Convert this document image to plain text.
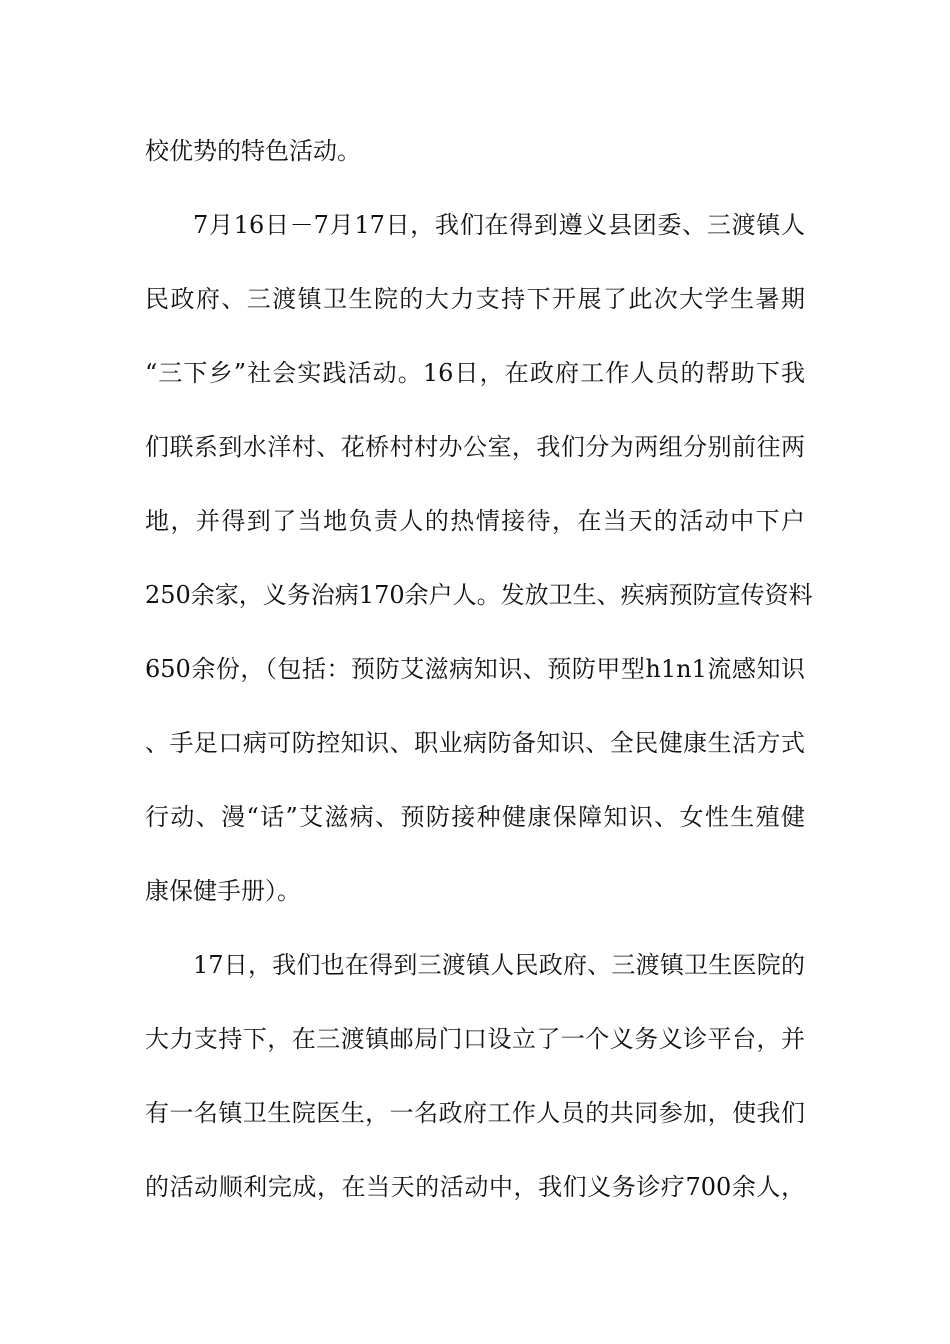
校优势的特色活动。
7月16日－7月17日，我们在得到遵义县团委、三渡镇人
民政府、三渡镇卫生院的大力支持下开展了此次大学生暑期
“三下乡”社会实践活动。16日，在政府工作人员的帮助下我
们联系到水洋村、花桥村村办公室，我们分为两组分别前往两
地，并得到了当地负责人的热情接待，在当天的活动中下户
250余家，义务治病170余户人。发放卫生、疾病预防宣传资料
650余份，（包括：预防艾滋病知识、预防甲型h1n1流感知识
、手足口病可防控知识、职业病防备知识、全民健康生活方式
行动、漫“话”艾滋病、预防接种健康保障知识、女性生殖健
康保健手册）。
17日，我们也在得到三渡镇人民政府、三渡镇卫生医院的
大力支持下，在三渡镇邮局门口设立了一个义务义诊平台，并
有一名镇卫生院医生，一名政府工作人员的共同参加，使我们
的活动顺利完成，在当天的活动中，我们义务诊疗700余人，
